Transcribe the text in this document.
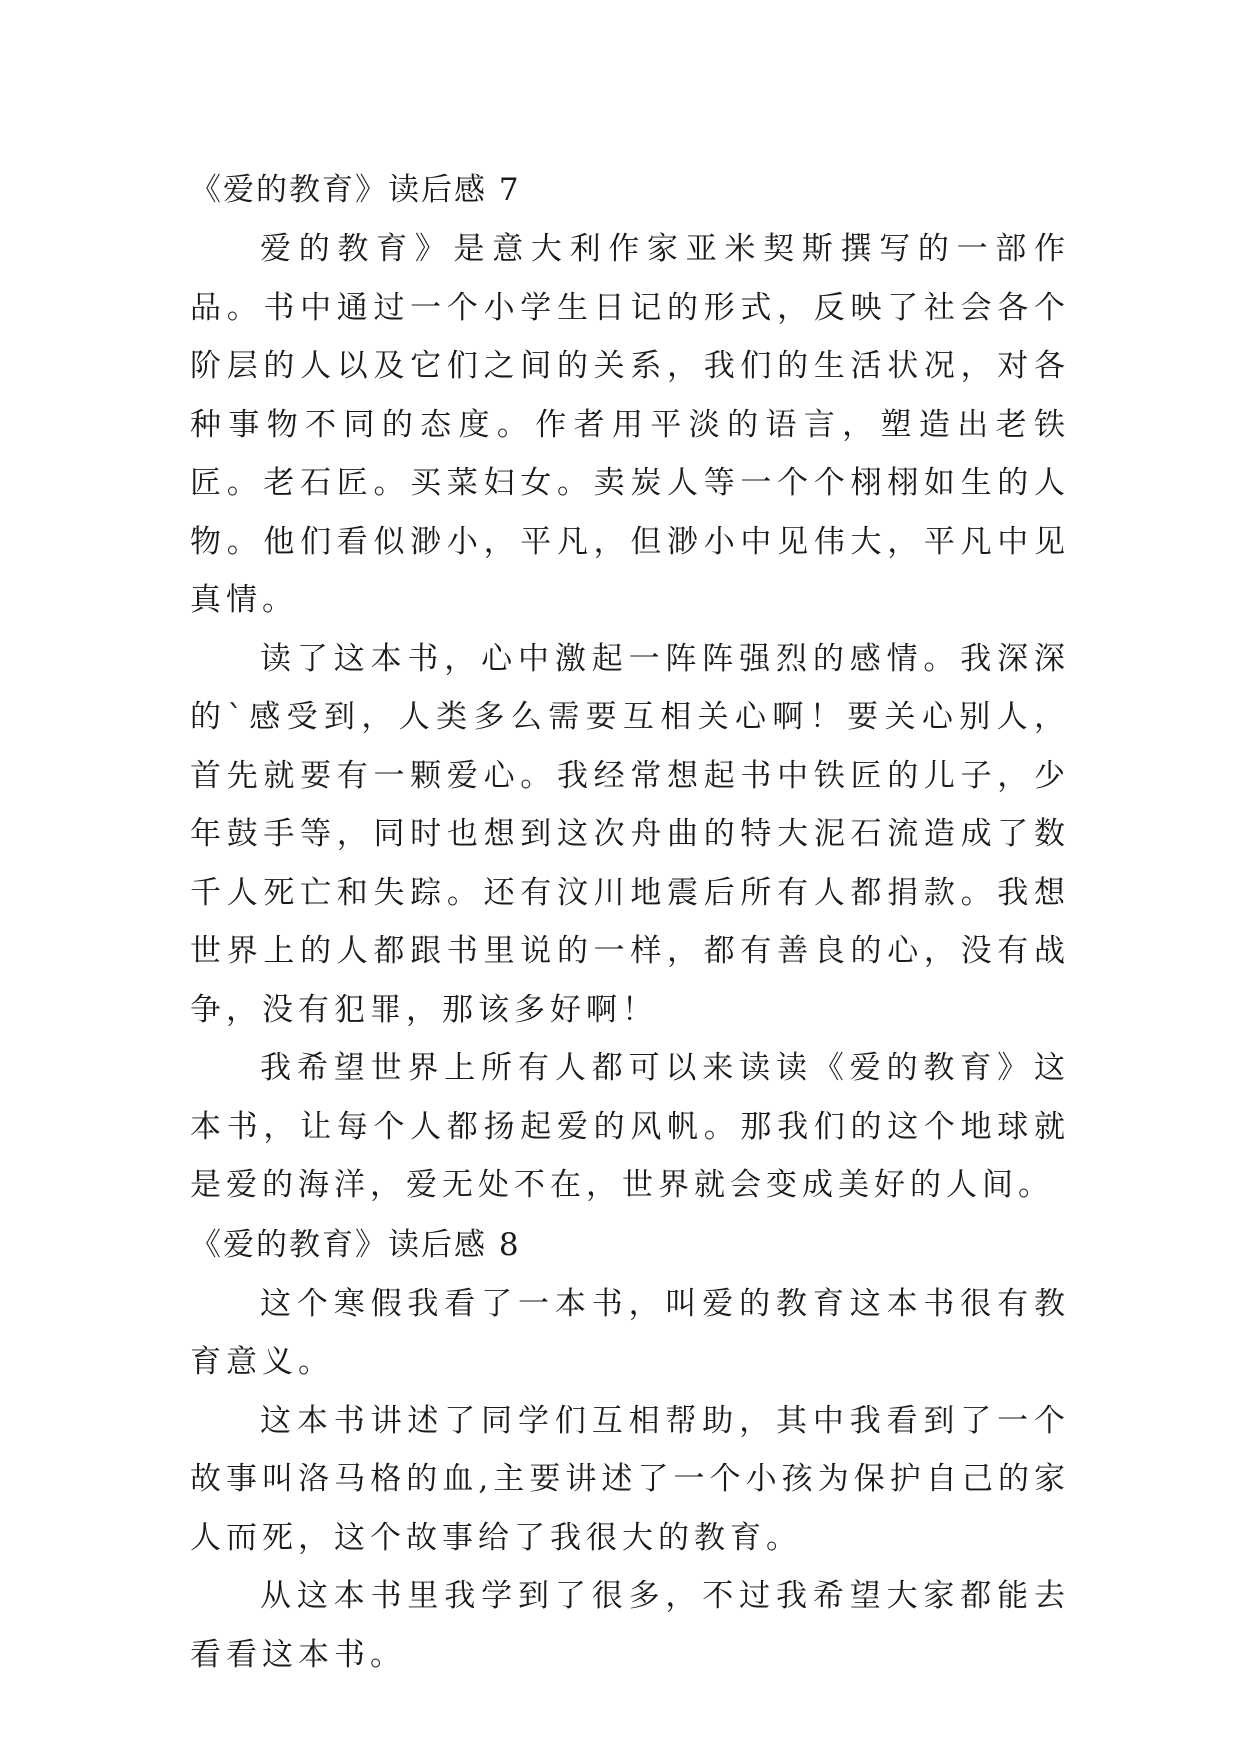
《爱的教育》读后感 7

爱的教育》是意大利作家亚米契斯撰写的一部作品。书中通过一个小学生日记的形式，反映了社会各个阶层的人以及它们之间的关系，我们的生活状况，对各种事物不同的态度。作者用平淡的语言，塑造出老铁匠。老石匠。买菜妇女。卖炭人等一个个栩栩如生的人物。他们看似渺小，平凡，但渺小中见伟大，平凡中见真情。

读了这本书，心中激起一阵阵强烈的感情。我深深的`感受到，人类多么需要互相关心啊！要关心别人，首先就要有一颗爱心。我经常想起书中铁匠的儿子，少年鼓手等，同时也想到这次舟曲的特大泥石流造成了数千人死亡和失踪。还有汶川地震后所有人都捐款。我想世界上的人都跟书里说的一样，都有善良的心，没有战争，没有犯罪，那该多好啊！

我希望世界上所有人都可以来读读《爱的教育》这本书，让每个人都扬起爱的风帆。那我们的这个地球就是爱的海洋，爱无处不在，世界就会变成美好的人间。

《爱的教育》读后感 8

这个寒假我看了一本书，叫爱的教育这本书很有教育意义。

这本书讲述了同学们互相帮助，其中我看到了一个故事叫洛马格的血,主要讲述了一个小孩为保护自己的家人而死，这个故事给了我很大的教育。

从这本书里我学到了很多，不过我希望大家都能去看看这本书。
